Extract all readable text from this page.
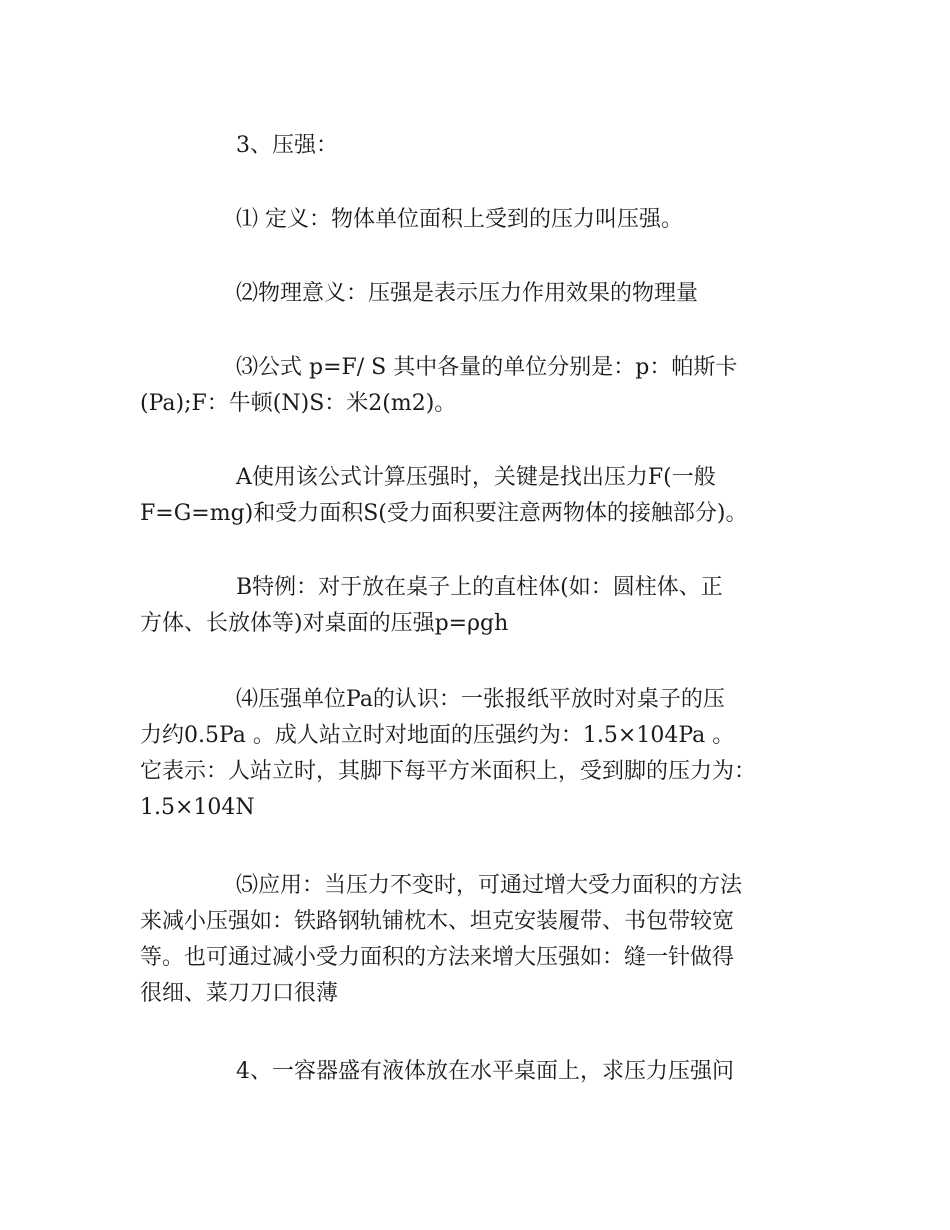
3、压强：
⑴ 定义：物体单位面积上受到的压力叫压强。
⑵物理意义：压强是表示压力作用效果的物理量
⑶公式 p=F/ S 其中各量的单位分别是：p：帕斯卡
(Pa);F：牛顿(N)S：米2(m2)。
A使用该公式计算压强时，关键是找出压力F(一般
F=G=mg)和受力面积S(受力面积要注意两物体的接触部分)。
B特例：对于放在桌子上的直柱体(如：圆柱体、正
方体、长放体等)对桌面的压强p=ρgh
⑷压强单位Pa的认识：一张报纸平放时对桌子的压
力约0.5Pa 。成人站立时对地面的压强约为：1.5×104Pa 。
它表示：人站立时，其脚下每平方米面积上，受到脚的压力为：
1.5×104N
⑸应用：当压力不变时，可通过增大受力面积的方法
来减小压强如：铁路钢轨铺枕木、坦克安装履带、书包带较宽
等。也可通过减小受力面积的方法来增大压强如：缝一针做得
很细、菜刀刀口很薄
4、一容器盛有液体放在水平桌面上，求压力压强问
